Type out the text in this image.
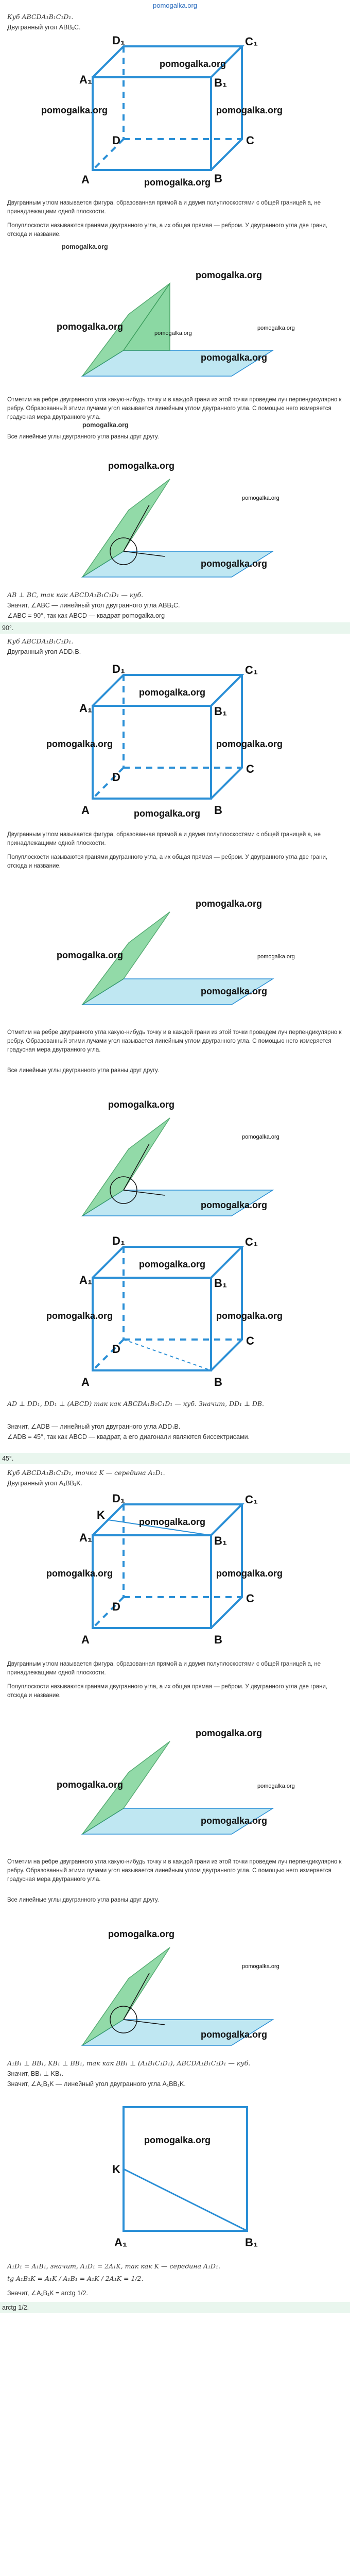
pomogalka.org
Куб ABCDA₁B₁C₁D₁.
Двугранный угол ABB₁C.
A₁
D₁
B₁
C₁
A	B
C
D
pomogalka.org
pomogalka.org	pomogalka.org
pomogalka.org
Двугранным углом называется фигура, образованная прямой a и двумя полуплоскостями с общей границей a, не принадлежащими одной плоскости.
Полуплоскости называются гранями двугранного угла, а их общая прямая — ребром. У двугранного угла две грани, отсюда и название.
pomogalka.org
pomogalka.org
pomogalka.org
pomogalka.org
pomogalka.org
pomogalka.org
Отметим на ребре двугранного угла какую-нибудь точку и в каждой грани из этой точки проведем луч перпендикулярно к ребру. Образованный этими лучами угол называется линейным углом двугранного угла. С помощью него измеряется градусная мера двугранного угла.
pomogalka.org
Все линейные углы двугранного угла равны друг другу.
pomogalka.org
pomogalka.org
pomogalka.org
AB ⊥ BC, так как ABCDA₁B₁C₁D₁ — куб.
Значит, ∠ABC — линейный угол двугранного угла ABB₁C.
∠ABC = 90°, так как ABCD — квадрат pomogalka.org
90°.
Куб ABCDA₁B₁C₁D₁.
Двугранный угол ADD₁B.
A₁
D₁
B₁
C₁
A	B
C
D
pomogalka.org
pomogalka.org	pomogalka.org
pomogalka.org
Двугранным углом называется фигура, образованная прямой a и двумя полуплоскостями с общей границей a, не принадлежащими одной плоскости.
Полуплоскости называются гранями двугранного угла, а их общая прямая — ребром. У двугранного угла две грани, отсюда и название.
pomogalka.org
pomogalka.org
pomogalka.org
pomogalka.org
Отметим на ребре двугранного угла какую-нибудь точку и в каждой грани из этой точки проведем луч перпендикулярно к ребру. Образованный этими лучами угол называется линейным углом двугранного угла. С помощью него измеряется градусная мера двугранного угла.
Все линейные углы двугранного угла равны друг другу.
pomogalka.org
pomogalka.org
pomogalka.org
A₁
D₁
B₁
C₁
A	B
C
D
pomogalka.org
pomogalka.org	pomogalka.org
AD ⊥ DD₁, DD₁ ⊥ (ABCD) так как ABCDA₁B₁C₁D₁ — куб. Значит, DD₁ ⊥ DB.
Значит, ∠ADB — линейный угол двугранного угла ADD₁B.
∠ADB = 45°, так как ABCD — квадрат, а его диагонали являются биссектрисами.
45°.
Куб ABCDA₁B₁C₁D₁, точка K — середина A₁D₁.
Двугранный угол A₁BB₁K.
A₁
D₁
B₁
C₁
K
A	B
C
D
pomogalka.org
pomogalka.org	pomogalka.org
Двугранным углом называется фигура, образованная прямой a и двумя полуплоскостями с общей границей a, не принадлежащими одной плоскости.
Полуплоскости называются гранями двугранного угла, а их общая прямая — ребром. У двугранного угла две грани, отсюда и название.
pomogalka.org
pomogalka.org
pomogalka.org
pomogalka.org
Отметим на ребре двугранного угла какую-нибудь точку и в каждой грани из этой точки проведем луч перпендикулярно к ребру. Образованный этими лучами угол называется линейным углом двугранного угла. С помощью него измеряется градусная мера двугранного угла.
Все линейные углы двугранного угла равны друг другу.
pomogalka.org
pomogalka.org
pomogalka.org
A₁B₁ ⊥ BB₁, KB₁ ⊥ BB₁, так как BB₁ ⊥ (A₁B₁C₁D₁), ABCDA₁B₁C₁D₁ — куб.
Значит, BB₁ ⊥ KB₁.
Значит, ∠A₁B₁K — линейный угол двугранного угла A₁BB₁K.
K
A₁	B₁
pomogalka.org
A₁D₁ = A₁B₁, значит, A₁D₁ = 2A₁K, так как K — середина A₁D₁.
tg A₁B₁K = A₁K / A₁B₁ = A₁K / 2A₁K = 1/2.
Значит, ∠A₁B₁K = arctg 1/2.
arctg 1/2.
